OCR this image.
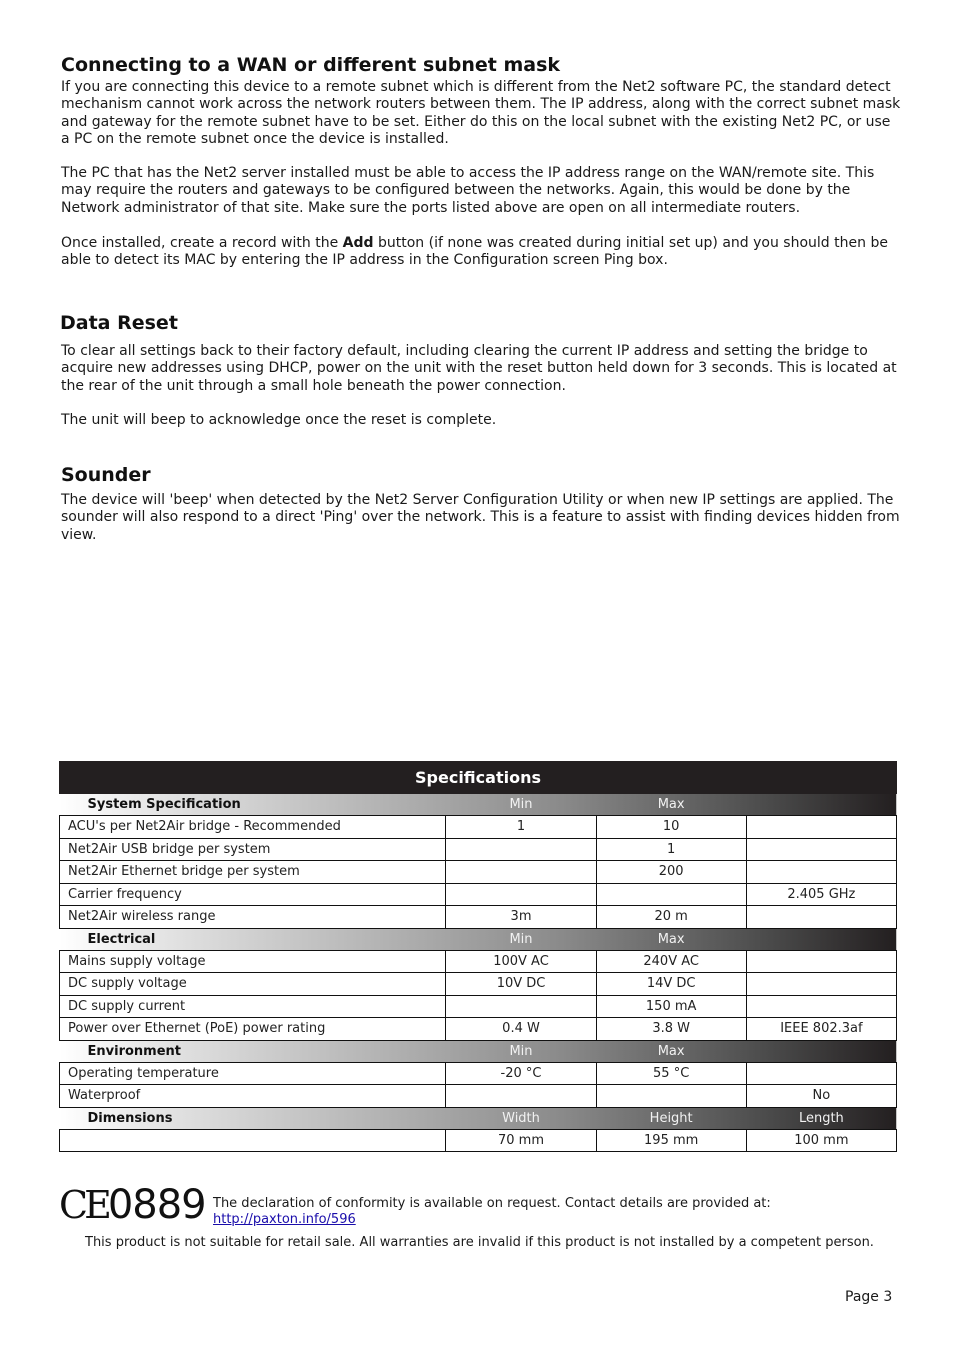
Connecting to a WAN or different subnet mask

If you are connecting this device to a remote subnet which is different from the Net2 software PC, the standard detect mechanism cannot work across the network routers between them. The IP address, along with the correct subnet mask and gateway for the remote subnet have to be set. Either do this on the local subnet with the existing Net2 PC, or use a PC on the remote subnet once the device is installed.

The PC that has the Net2 server installed must be able to access the IP address range on the WAN/remote site. This may require the routers and gateways to be configured between the networks. Again, this would be done by the Network administrator of that site. Make sure the ports listed above are open on all intermediate routers.

Once installed, create a record with the Add button (if none was created during initial set up) and you should then be able to detect its MAC by entering the IP address in the Configuration screen Ping box.

Data Reset

To clear all settings back to their factory default, including clearing the current IP address and setting the bridge to acquire new addresses using DHCP, power on the unit with the reset button held down for 3 seconds. This is located at the rear of the unit through a small hole beneath the power connection.

The unit will beep to acknowledge once the reset is complete.

Sounder

The device will 'beep' when detected by the Net2 Server Configuration Utility or when new IP settings are applied. The sounder will also respond to a direct 'Ping' over the network. This is a feature to assist with finding devices hidden from view.

Specifications			
System Specification	Min	Max	
ACU's per Net2Air bridge - Recommended	1	10	
Net2Air USB bridge per system		1	
Net2Air Ethernet bridge per system		200	
Carrier frequency			2.405 GHz
Net2Air wireless range	3m	20 m	
Electrical	Min	Max	
Mains supply voltage	100V AC	240V AC	
DC supply voltage	10V DC	14V DC	
DC supply current		150 mA	
Power over Ethernet (PoE) power rating	0.4 W	3.8 W	IEEE 802.3af
Environment	Min	Max	
Operating temperature	-20 °C	55 °C	
Waterproof			No
Dimensions	Width	Height	Length
	70 mm	195 mm	100 mm
CE0889 The declaration of conformity is available on request. Contact details are provided at:
http://paxton.info/596
This product is not suitable for retail sale. All warranties are invalid if this product is not installed by a competent person.
Page 3
